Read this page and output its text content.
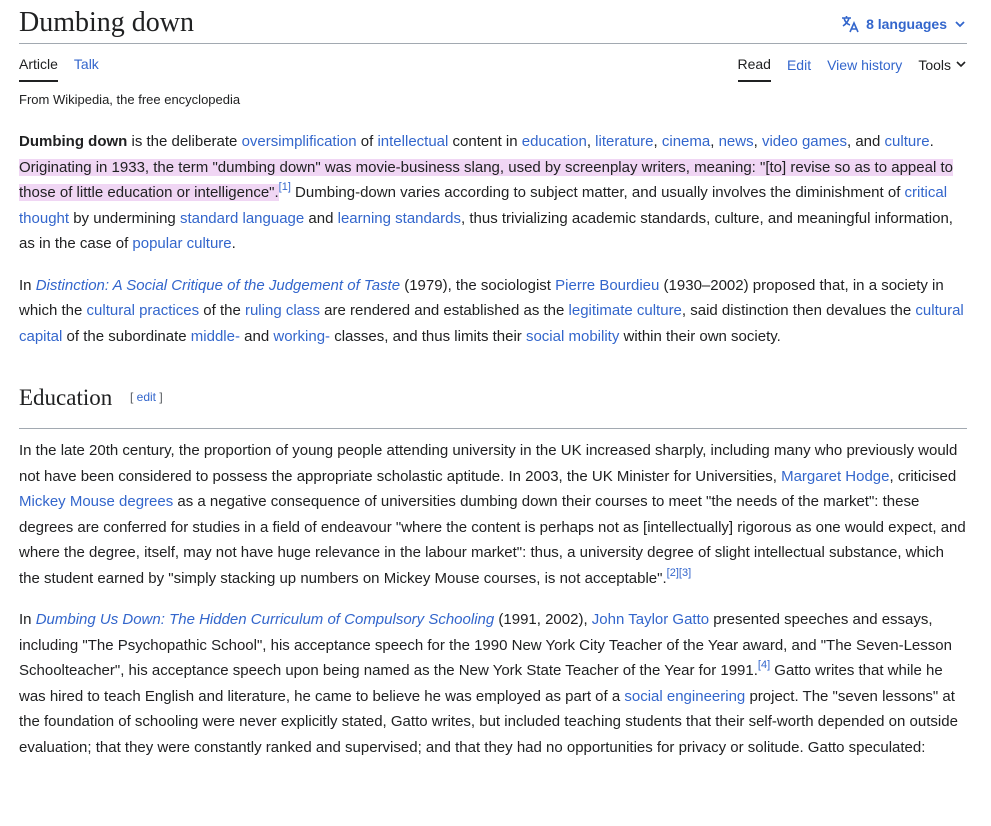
Dumbing down	8 languages
Article Talk	Read Edit View history Tools
From Wikipedia, the free encyclopedia

Dumbing down is the deliberate oversimplification of intellectual content in education, literature, cinema, news, video games, and culture. Originating in 1933, the term "dumbing down" was movie-business slang, used by screenplay writers, meaning: "[to] revise so as to appeal to those of little education or intelligence".[1] Dumbing-down varies according to subject matter, and usually involves the diminishment of critical thought by undermining standard language and learning standards, thus trivializing academic standards, culture, and meaningful information, as in the case of popular culture.

In Distinction: A Social Critique of the Judgement of Taste (1979), the sociologist Pierre Bourdieu (1930–2002) proposed that, in a society in which the cultural practices of the ruling class are rendered and established as the legitimate culture, said distinction then devalues the cultural capital of the subordinate middle- and working- classes, and thus limits their social mobility within their own society.

Education [ edit ]

In the late 20th century, the proportion of young people attending university in the UK increased sharply, including many who previously would not have been considered to possess the appropriate scholastic aptitude. In 2003, the UK Minister for Universities, Margaret Hodge, criticised Mickey Mouse degrees as a negative consequence of universities dumbing down their courses to meet "the needs of the market": these degrees are conferred for studies in a field of endeavour "where the content is perhaps not as [intellectually] rigorous as one would expect, and where the degree, itself, may not have huge relevance in the labour market": thus, a university degree of slight intellectual substance, which the student earned by "simply stacking up numbers on Mickey Mouse courses, is not acceptable".[2][3]

In Dumbing Us Down: The Hidden Curriculum of Compulsory Schooling (1991, 2002), John Taylor Gatto presented speeches and essays, including "The Psychopathic School", his acceptance speech for the 1990 New York City Teacher of the Year award, and "The Seven-Lesson Schoolteacher", his acceptance speech upon being named as the New York State Teacher of the Year for 1991.[4] Gatto writes that while he was hired to teach English and literature, he came to believe he was employed as part of a social engineering project. The "seven lessons" at the foundation of schooling were never explicitly stated, Gatto writes, but included teaching students that their self-worth depended on outside evaluation; that they were constantly ranked and supervised; and that they had no opportunities for privacy or solitude. Gatto speculated:
